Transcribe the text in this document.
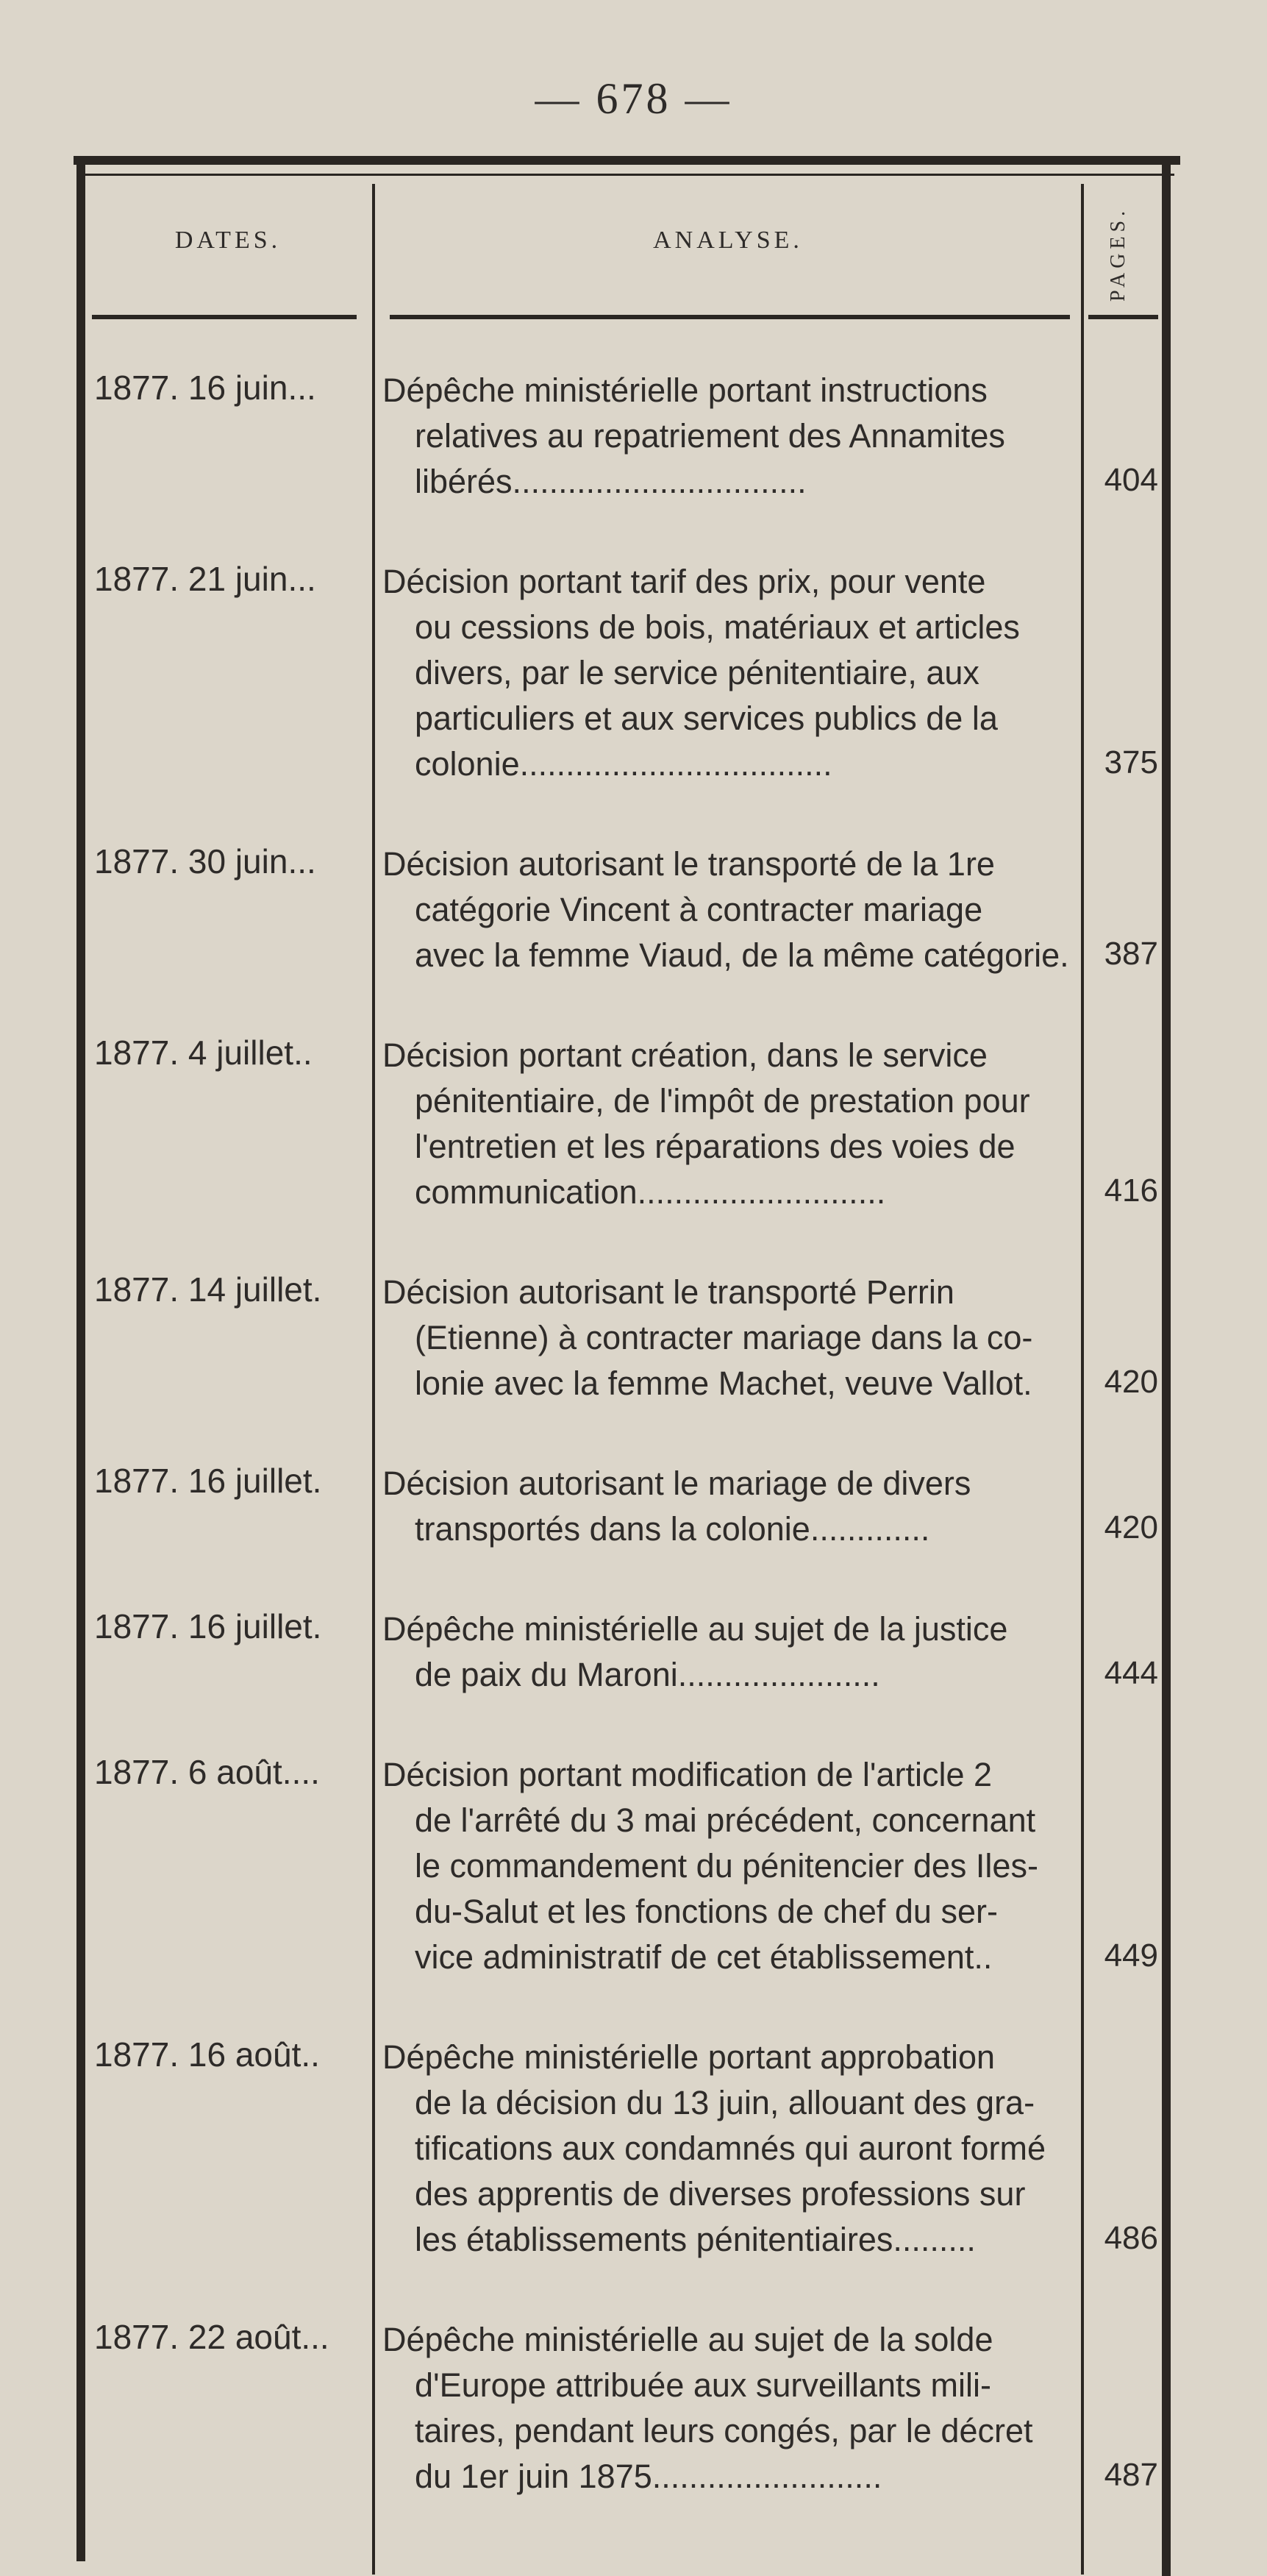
— 678 —
DATES.	ANALYSE.	PAGES.
1877. 16 juin...	Dépêche ministérielle portant instructions
relatives au repatriement des Annamites
libérés................................	404
1877. 21 juin...	Décision portant tarif des prix, pour vente
ou cessions de bois, matériaux et articles
divers, par le service pénitentiaire, aux
particuliers et aux services publics de la
colonie..................................	375
1877. 30 juin...	Décision autorisant le transporté de la 1re
catégorie Vincent à contracter mariage
avec la femme Viaud, de la même catégorie.	387
1877. 4 juillet..	Décision portant création, dans le service
pénitentiaire, de l'impôt de prestation pour
l'entretien et les réparations des voies de
communication...........................	416
1877. 14 juillet.	Décision autorisant le transporté Perrin
(Etienne) à contracter mariage dans la co-
lonie avec la femme Machet, veuve Vallot.	420
1877. 16 juillet.	Décision autorisant le mariage de divers
transportés dans la colonie.............	420
1877. 16 juillet.	Dépêche ministérielle au sujet de la justice
de paix du Maroni......................	444
1877. 6 août....	Décision portant modification de l'article 2
de l'arrêté du 3 mai précédent, concernant
le commandement du pénitencier des Iles-
du-Salut et les fonctions de chef du ser-
vice administratif de cet établissement..	449
1877. 16 août..	Dépêche ministérielle portant approbation
de la décision du 13 juin, allouant des gra-
tifications aux condamnés qui auront formé
des apprentis de diverses professions sur
les établissements pénitentiaires.........	486
1877. 22 août...	Dépêche ministérielle au sujet de la solde
d'Europe attribuée aux surveillants mili-
taires, pendant leurs congés, par le décret
du 1er juin 1875.........................	487
